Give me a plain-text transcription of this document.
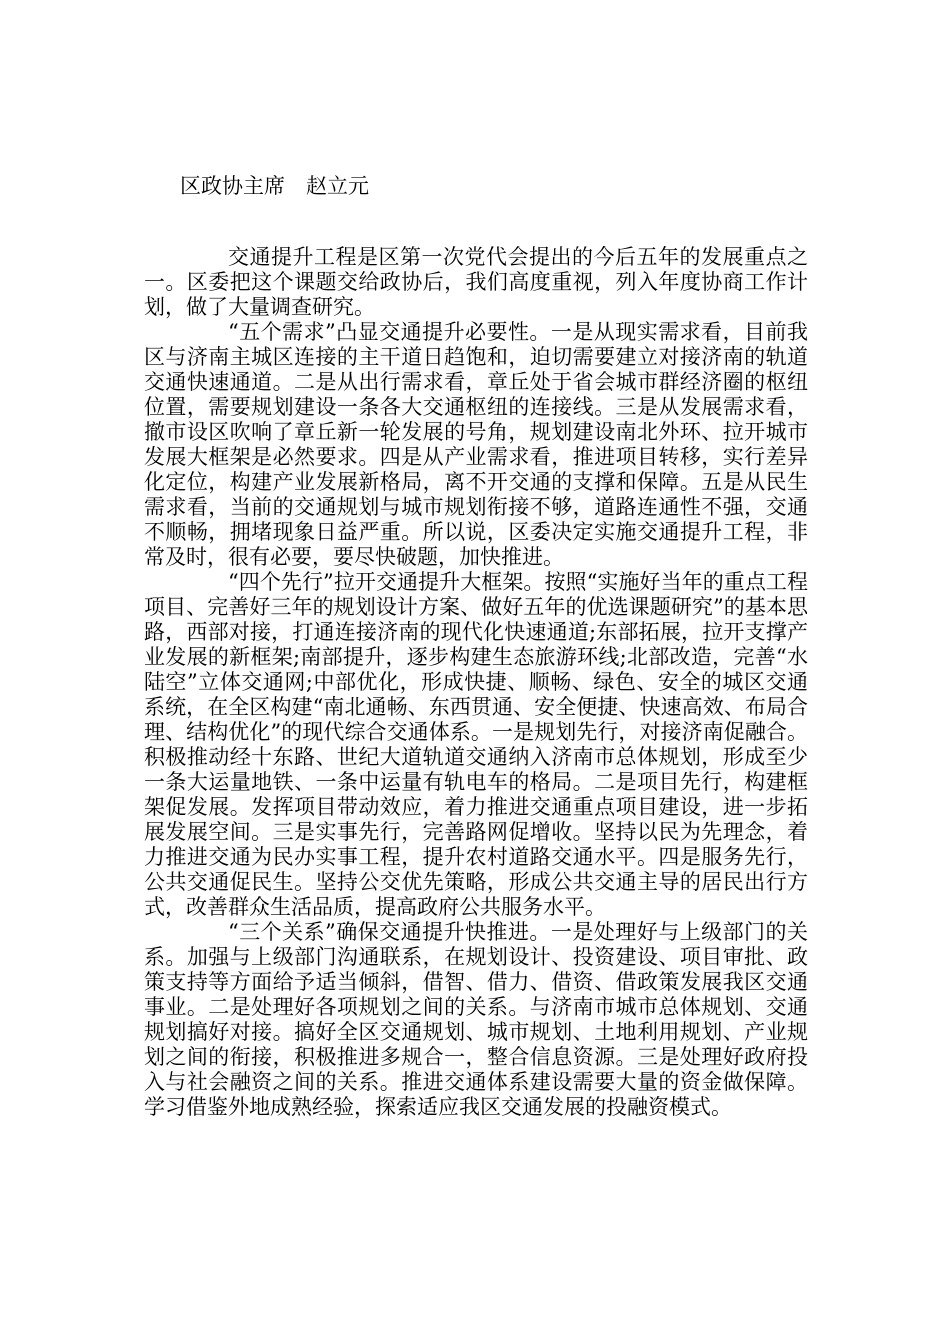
区政协主席　赵立元

交通提升工程是区第一次党代会提出的今后五年的发展重点之一。区委把这个课题交给政协后，我们高度重视，列入年度协商工作计划，做了大量调查研究。

“五个需求”凸显交通提升必要性。一是从现实需求看，目前我区与济南主城区连接的主干道日趋饱和，迫切需要建立对接济南的轨道交通快速通道。二是从出行需求看，章丘处于省会城市群经济圈的枢纽位置，需要规划建设一条各大交通枢纽的连接线。三是从发展需求看，撤市设区吹响了章丘新一轮发展的号角，规划建设南北外环、拉开城市发展大框架是必然要求。四是从产业需求看，推进项目转移，实行差异化定位，构建产业发展新格局，离不开交通的支撑和保障。五是从民生需求看，当前的交通规划与城市规划衔接不够，道路连通性不强，交通不顺畅，拥堵现象日益严重。所以说，区委决定实施交通提升工程，非常及时，很有必要，要尽快破题，加快推进。

“四个先行”拉开交通提升大框架。按照“实施好当年的重点工程项目、完善好三年的规划设计方案、做好五年的优选课题研究”的基本思路，西部对接，打通连接济南的现代化快速通道;东部拓展，拉开支撑产业发展的新框架;南部提升，逐步构建生态旅游环线;北部改造，完善“水陆空”立体交通网;中部优化，形成快捷、顺畅、绿色、安全的城区交通系统，在全区构建“南北通畅、东西贯通、安全便捷、快速高效、布局合理、结构优化”的现代综合交通体系。一是规划先行，对接济南促融合。积极推动经十东路、世纪大道轨道交通纳入济南市总体规划，形成至少一条大运量地铁、一条中运量有轨电车的格局。二是项目先行，构建框架促发展。发挥项目带动效应，着力推进交通重点项目建设，进一步拓展发展空间。三是实事先行，完善路网促增收。坚持以民为先理念，着力推进交通为民办实事工程，提升农村道路交通水平。四是服务先行，公共交通促民生。坚持公交优先策略，形成公共交通主导的居民出行方式，改善群众生活品质，提高政府公共服务水平。

“三个关系”确保交通提升快推进。一是处理好与上级部门的关系。加强与上级部门沟通联系，在规划设计、投资建设、项目审批、政策支持等方面给予适当倾斜，借智、借力、借资、借政策发展我区交通事业。二是处理好各项规划之间的关系。与济南市城市总体规划、交通规划搞好对接。搞好全区交通规划、城市规划、土地利用规划、产业规划之间的衔接，积极推进多规合一，整合信息资源。三是处理好政府投入与社会融资之间的关系。推进交通体系建设需要大量的资金做保障。学习借鉴外地成熟经验，探索适应我区交通发展的投融资模式。
